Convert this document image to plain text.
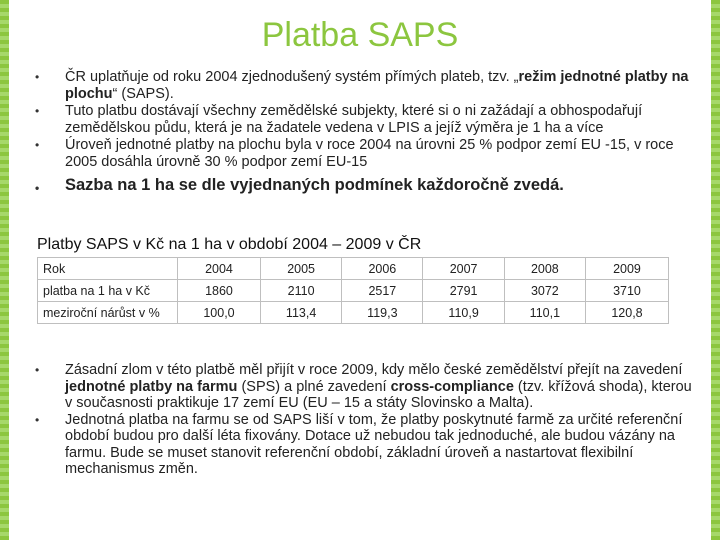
Platba SAPS
• ČR uplatňuje od roku 2004 zjednodušený systém přímých plateb, tzv. „režim jednotné platby na plochu“ (SAPS).
• Tuto platbu dostávají všechny zemědělské subjekty, které si o ni zažádají a obhospodařují zemědělskou půdu, která je na žadatele vedena v LPIS a jejíž výměra je 1 ha a více
• Úroveň jednotné platby na plochu byla v roce 2004 na úrovni 25 % podpor zemí EU -15, v roce 2005 dosáhla úrovně 30 % podpor zemí EU-15
• Sazba na 1 ha se dle vyjednaných podmínek každoročně zvedá.
Platby SAPS v Kč na 1 ha v období 2004 – 2009 v ČR
Rok	2004	2005	2006	2007	2008	2009
platba na 1 ha v Kč	1860	2110	2517	2791	3072	3710
meziroční nárůst v %	100,0	113,4	119,3	110,9	110,1	120,8
• Zásadní zlom v této platbě měl přijít v roce 2009, kdy mělo české zemědělství přejít na zavedení jednotné platby na farmu (SPS) a plné zavedení cross-compliance (tzv. křížová shoda), kterou v současnosti praktikuje 17 zemí EU (EU – 15 a státy Slovinsko a Malta).
• Jednotná platba na farmu se od SAPS liší v tom, že platby poskytnuté farmě za určité referenční období budou pro další léta fixovány. Dotace už nebudou tak jednoduché, ale budou vázány na farmu. Bude se muset stanovit referenční období, základní úroveň a nastartovat flexibilní mechanismus změn.
